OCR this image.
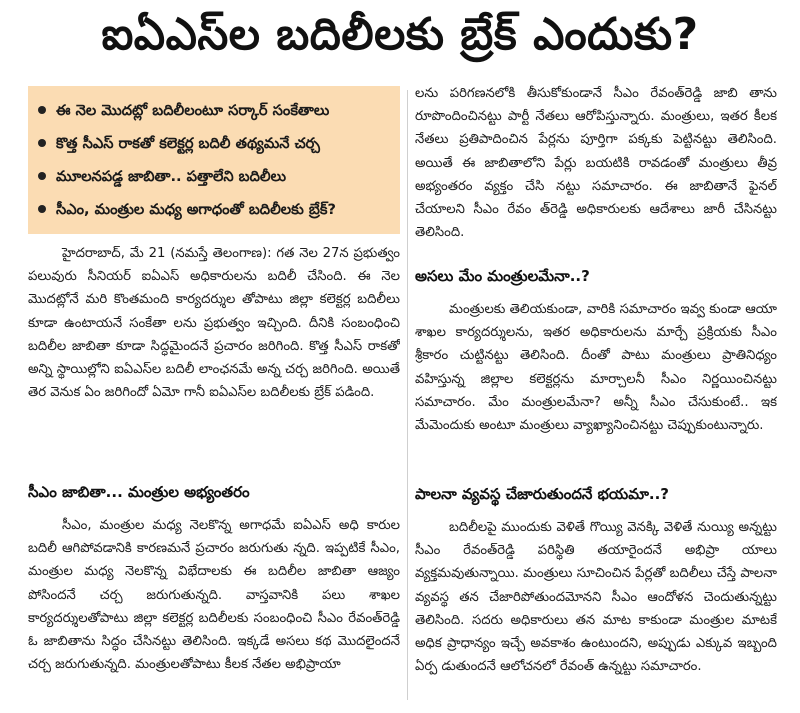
ఐఏఎస్‌ల బదిలీలకు బ్రేక్‌ ఎందుకు?
ఈ నెల మొదట్లో బదిలీలంటూ సర్కార్‌ సంకేతాలు
కొత్త సీఎస్‌ రాకతో కలెక్టర్ల బదిలీ తథ్యమనే చర్చ
మూలనపడ్డ జాబితా.. పత్తాలేని బదిలీలు
సీఎం, మంత్రుల మధ్య అగాధంతో బదిలీలకు బ్రేక్‌?

హైదరాబాద్‌, మే 21 (నమస్తే తెలంగాణ): గత నెల 27న ప్రభుత్వం పలువురు సీనియర్‌ ఐఏఎస్‌ అధికారులను బదిలీ చేసింది. ఈ నెల మొదట్లోనే మరి కొంతమంది కార్యదర్శుల తోపాటు జిల్లా కలెక్టర్ల బదిలీలు కూడా ఉంటాయనే సంకేతా లను ప్రభుత్వం ఇచ్చింది. దీనికి సంబంధించి బదిలీల జాబితా కూడా సిద్ధమైందనే ప్రచారం జరిగింది. కొత్త సీఎస్‌ రాకతో అన్ని స్థాయిల్లోని ఐఏఎస్‌ల బదిలీ లాంఛనమే అన్న చర్చ జరిగింది. అయితే తెర వెనుక ఏం జరిగిందో ఏమో గానీ ఐఏఎస్‌ల బదిలీలకు బ్రేక్‌ పడింది.

సీఎం జాబితా... మంత్రుల అభ్యంతరం

సీఎం, మంత్రుల మధ్య నెలకొన్న అగాధమే ఐఏఎస్‌ అధి కారుల బదిలీ ఆగిపోవడానికి కారణమనే ప్రచారం జరుగుతు న్నది. ఇప్పటికే సీఎం, మంత్రుల మధ్య నెలకొన్న విభేదాలకు ఈ బదిలీల జాబితా ఆజ్యం పోసిందనే చర్చ జరుగుతున్నది. వాస్తవానికి పలు శాఖల కార్యదర్శులతోపాటు జిల్లా కలెక్టర్ల బదిలీలకు సంబంధించి సీఎం రేవంత్‌రెడ్డి ఓ జాబితాను సిద్ధం చేసినట్టు తెలిసింది. ఇక్కడే అసలు కథ మొదలైందనే చర్చ జరుగుతున్నది. మంత్రులతోపాటు కీలక నేతల అభిప్రాయా

లను పరిగణనలోకి తీసుకోకుండానే సీఎం రేవంత్‌రెడ్డి జాబి తాను రూపొందించినట్టు పార్టీ నేతలు ఆరోపిస్తున్నారు. మంత్రులు, ఇతర కీలక నేతలు ప్రతిపాదించిన పేర్లను పూర్తిగా పక్కకు పెట్టినట్టు తెలిసింది. అయితే ఈ జాబితాలోని పేర్లు బయటికి రావడంతో మంత్రులు తీవ్ర అభ్యంతరం వ్యక్తం చేసి నట్టు సమాచారం. ఈ జాబితానే ఫైనల్‌ చేయాలని సీఎం రేవం త్‌రెడ్డి అధికారులకు ఆదేశాలు జారీ చేసినట్టు తెలిసింది.

అసలు మేం మంత్రులమేనా..?

మంత్రులకు తెలియకుండా, వారికి సమాచారం ఇవ్వ కుండా ఆయా శాఖల కార్యదర్శులను, ఇతర అధికారులను మార్చే ప్రక్రియకు సీఎం శ్రీకారం చుట్టినట్టు తెలిసింది. దీంతో పాటు మంత్రులు ప్రాతినిధ్యం వహిస్తున్న జిల్లాల కలెక్టర్లను మార్చాలనీ సీఎం నిర్ణయించినట్టు సమాచారం. మేం మంత్రులమేనా? అన్నీ సీఎం చేసుకుంటే.. ఇక మేమెందుకు అంటూ మంత్రులు వ్యాఖ్యానించినట్టు చెప్పుకుంటున్నారు.

పాలనా వ్యవస్థ చేజారుతుందనే భయమా..?

బదిలీలపై ముందుకు వెళితే గొయ్యి వెనక్కి వెళితే నుయ్యి అన్నట్టు సీఎం రేవంత్‌రెడ్డి పరిస్థితి తయారైందనే అభిప్రా యాలు వ్యక్తమవుతున్నాయి. మంత్రులు సూచించిన పేర్లతో బదిలీలు చేస్తే పాలనా వ్యవస్థ తన చేజారిపోతుందమోనని సీఎం ఆందోళన చెందుతున్నట్టు తెలిసింది. సదరు అధికారులు తన మాట కాకుండా మంత్రుల మాటకే అధిక ప్రాధాన్యం ఇచ్చే అవకాశం ఉంటుందని, అప్పుడు ఎక్కువ ఇబ్బంది ఏర్ప డుతుందనే ఆలోచనలో రేవంత్‌ ఉన్నట్టు సమాచారం.
